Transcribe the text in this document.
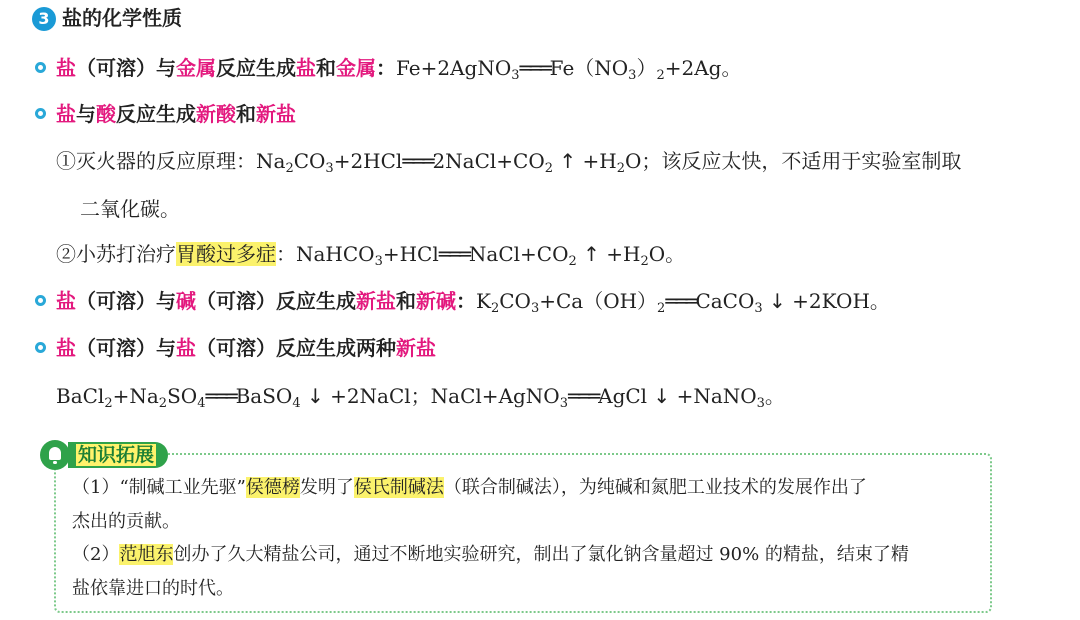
3 盐的化学性质
盐（可溶）与金属反应生成盐和金属：$Fe+2AgNO_3═══Fe(NO_3)_2+2Ag$。
盐与酸反应生成新酸和新盐
①灭火器的反应原理：$Na_2CO_3+2HCl═══2NaCl+CO_2$ ↑ $+H_2O$；该反应太快，不适用于实验室制取
二氧化碳。
②小苏打治疗胃酸过多症：$NaHCO_3+HCl═══NaCl+CO_2$ ↑ $+H_2O$。
盐（可溶）与碱（可溶）反应生成新盐和新碱：$K_2CO_3+Ca(OH)_2═══CaCO_3$ ↓ +2KOH。
盐（可溶）与盐（可溶）反应生成两种新盐
$BaCl_2+Na_2SO_4═══BaSO_4$ ↓ +2NaCl；NaCl+AgNO$_3$═══AgCl ↓ +NaNO$_3$。
知识拓展
（1）“制碱工业先驱”侯德榜发明了侯氏制碱法（联合制碱法），为纯碱和氮肥工业技术的发展作出了
杰出的贡献。
（2）范旭东创办了久大精盐公司，通过不断地实验研究，制出了氯化钠含量超过 90% 的精盐，结束了精
盐依靠进口的时代。
